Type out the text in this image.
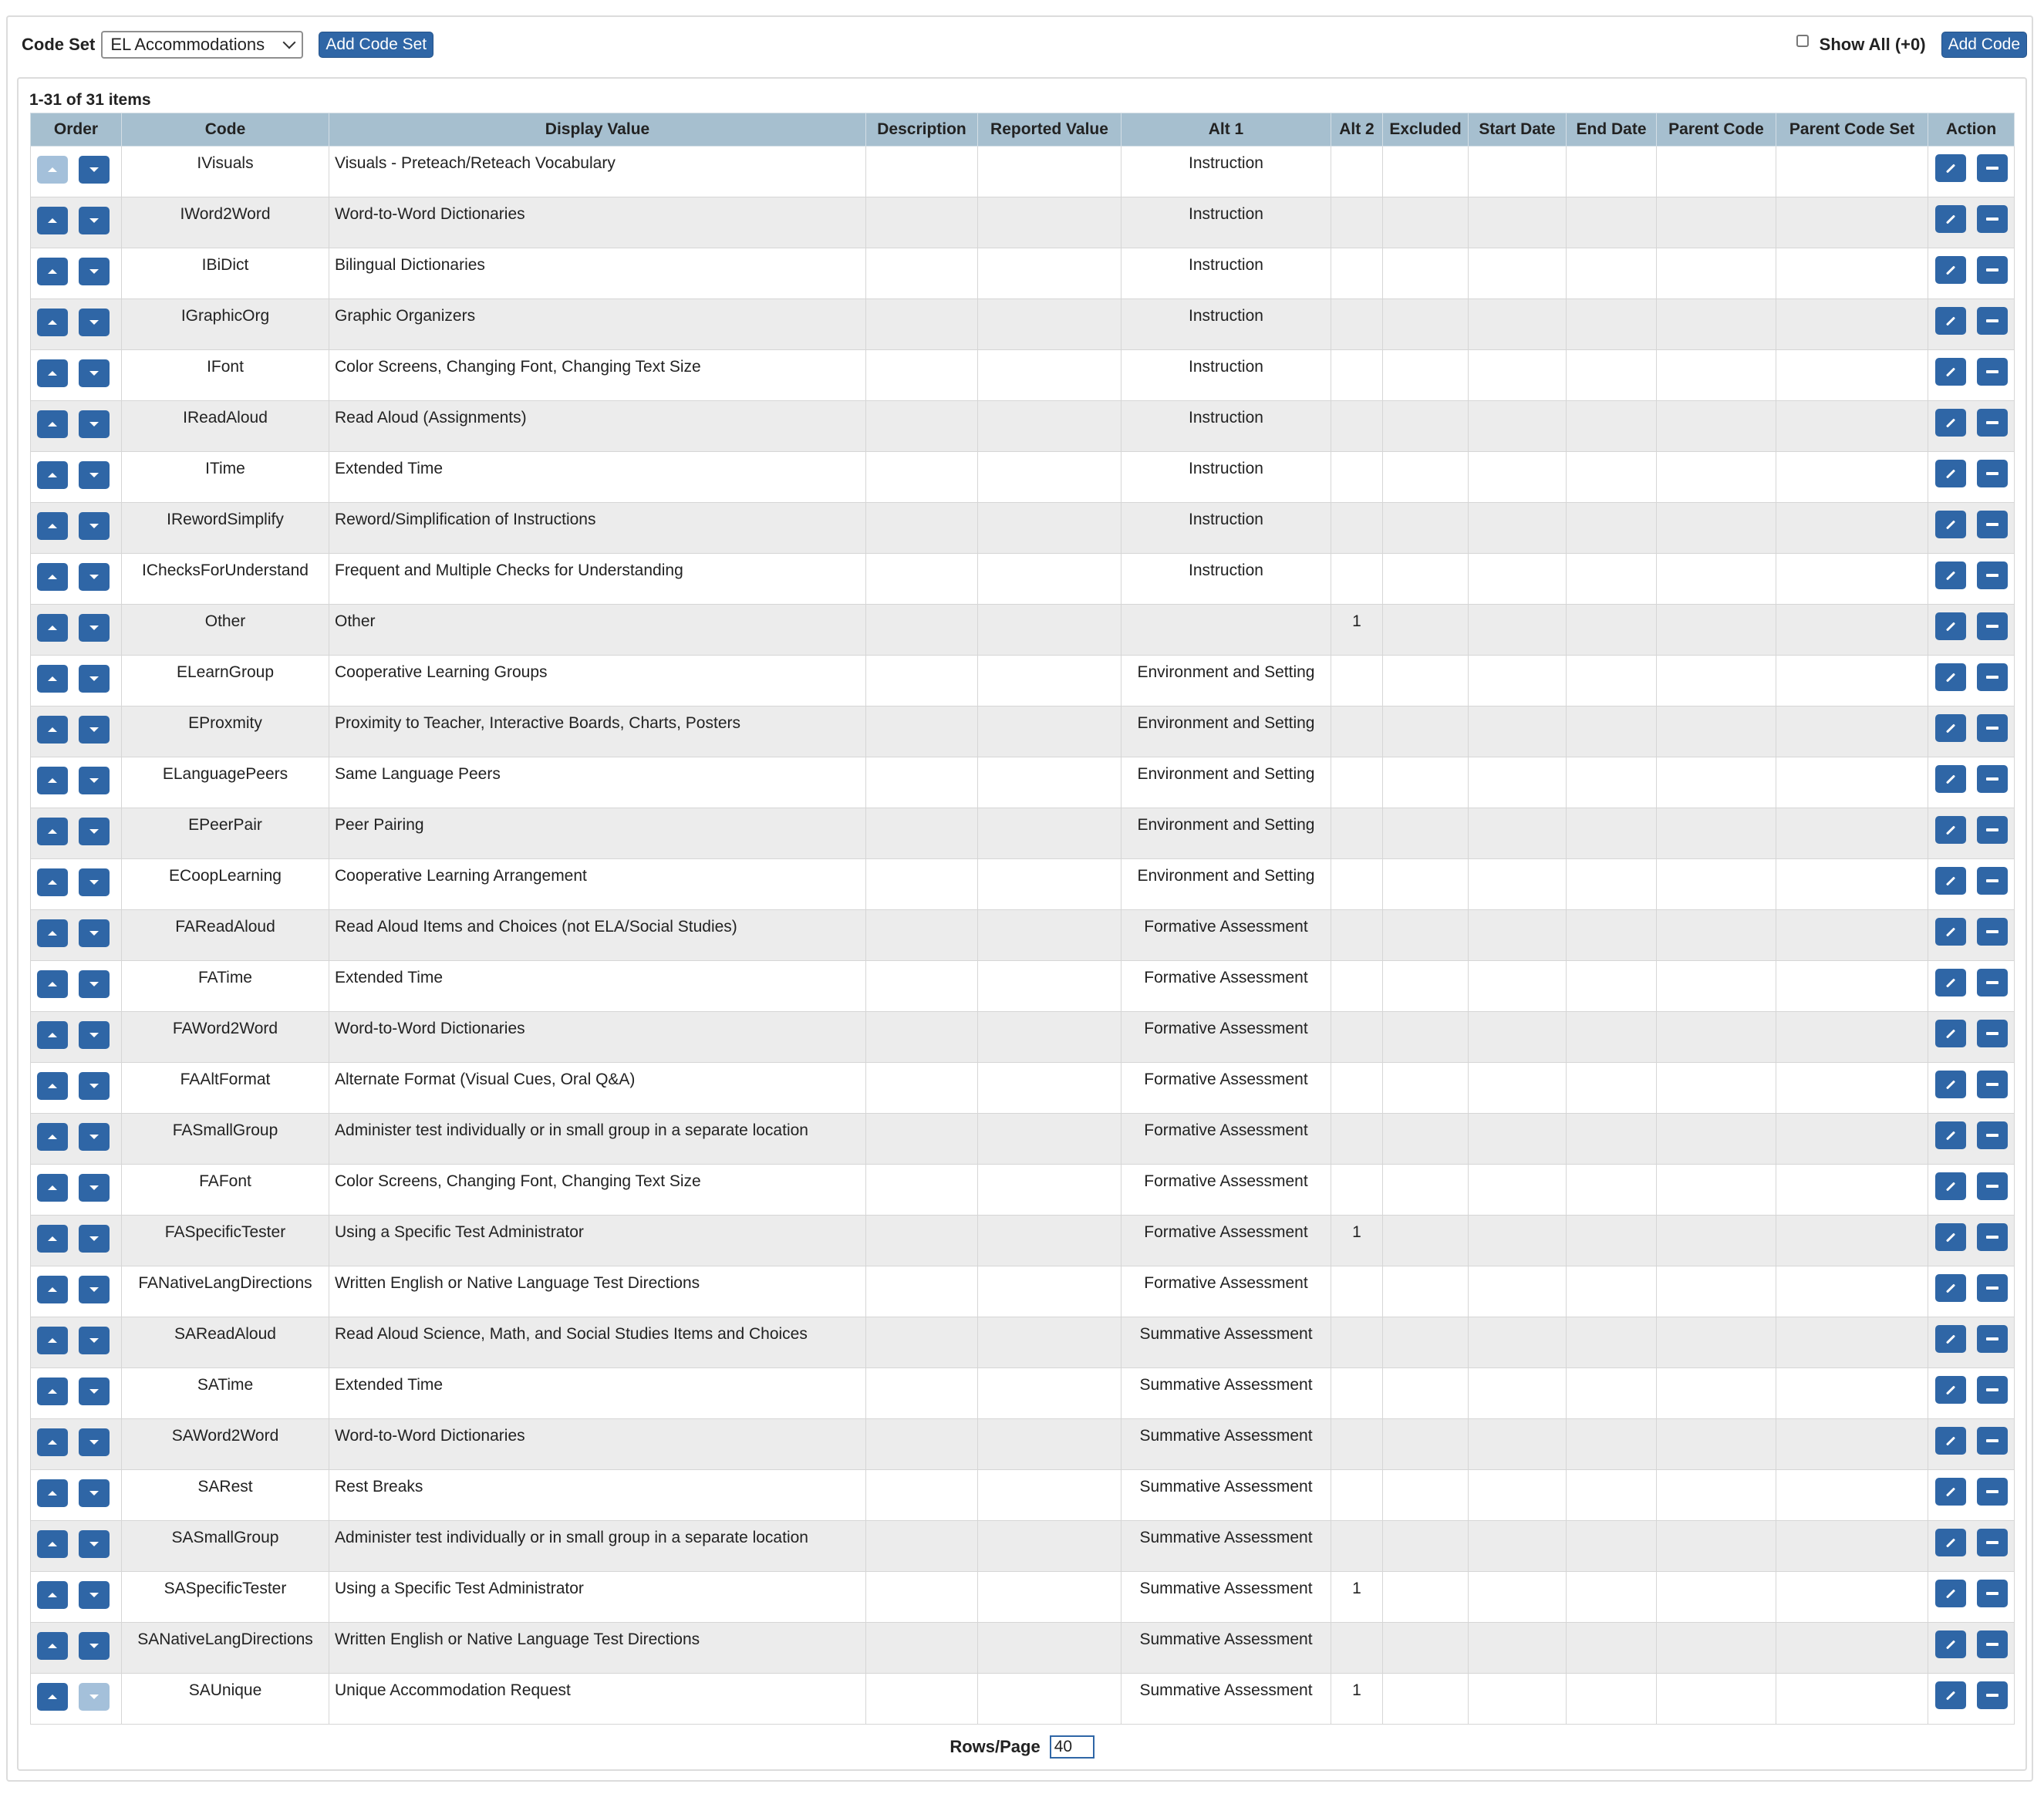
Code Set EL Accommodations	Add Code Set	Show All (+0)	Add Code
1-31 of 31 items
Order	Code	Display Value	Description	Reported Value	Alt 1	Alt 2	Excluded	Start Date	End Date	Parent Code	Parent Code Set	Action

	IVisuals	Visuals - Preteach/Reteach Vocabulary			Instruction							

	IWord2Word	Word-to-Word Dictionaries			Instruction							

	IBiDict	Bilingual Dictionaries			Instruction							

	IGraphicOrg	Graphic Organizers			Instruction							

	IFont	Color Screens, Changing Font, Changing Text Size			Instruction							

	IReadAloud	Read Aloud (Assignments)			Instruction							

	ITime	Extended Time			Instruction							

	IRewordSimplify	Reword/Simplification of Instructions			Instruction							

	IChecksForUnderstand	Frequent and Multiple Checks for Understanding			Instruction							

	Other	Other				1						

	ELearnGroup	Cooperative Learning Groups			Environment and Setting							

	EProxmity	Proximity to Teacher, Interactive Boards, Charts, Posters			Environment and Setting							

	ELanguagePeers	Same Language Peers			Environment and Setting							

	EPeerPair	Peer Pairing			Environment and Setting							

	ECoopLearning	Cooperative Learning Arrangement			Environment and Setting							

	FAReadAloud	Read Aloud Items and Choices (not ELA/Social Studies)			Formative Assessment							

	FATime	Extended Time			Formative Assessment							

	FAWord2Word	Word-to-Word Dictionaries			Formative Assessment							

	FAAltFormat	Alternate Format (Visual Cues, Oral Q&A)			Formative Assessment							

	FASmallGroup	Administer test individually or in small group in a separate location			Formative Assessment							

	FAFont	Color Screens, Changing Font, Changing Text Size			Formative Assessment							

	FASpecificTester	Using a Specific Test Administrator			Formative Assessment	1						

	FANativeLangDirections	Written English or Native Language Test Directions			Formative Assessment							

	SAReadAloud	Read Aloud Science, Math, and Social Studies Items and Choices			Summative Assessment							

	SATime	Extended Time			Summative Assessment							

	SAWord2Word	Word-to-Word Dictionaries			Summative Assessment							

	SARest	Rest Breaks			Summative Assessment							

	SASmallGroup	Administer test individually or in small group in a separate location			Summative Assessment							

	SASpecificTester	Using a Specific Test Administrator			Summative Assessment	1						

	SANativeLangDirections	Written English or Native Language Test Directions			Summative Assessment							

	SAUnique	Unique Accommodation Request			Summative Assessment	1						

Rows/Page 40
